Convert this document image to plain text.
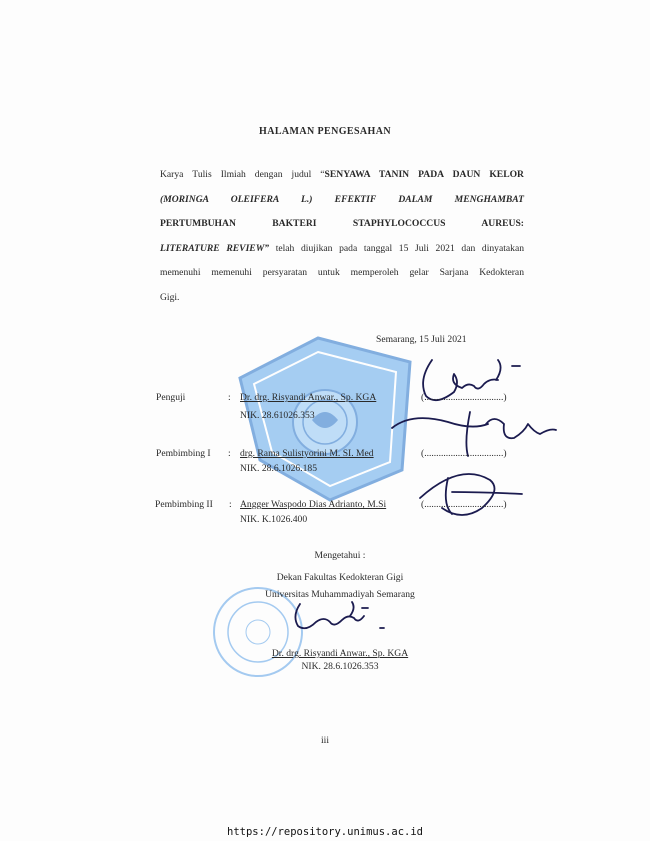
HALAMAN PENGESAHAN
Karya Tulis Ilmiah dengan judul “SENYAWA TANIN PADA DAUN KELOR
(MORINGA OLEIFERA L.) EFEKTIF DALAM MENGHAMBAT
PERTUMBUHAN BAKTERI STAPHYLOCOCCUS AUREUS:
LITERATURE REVIEW” telah diujikan pada tanggal 15 Juli 2021 dan dinyatakan
memenuhi memenuhi persyaratan untuk memperoleh gelar Sarjana Kedokteran
Gigi.
Semarang, 15 Juli 2021
Penguji	: Dr. drg. Risyandi Anwar., Sp. KGA	(.................................)
NIK. 28.61026.353
Pembimbing I : drg. Rama Sulistyorini M. SI. Med	(.................................)
NIK. 28.6.1026.185
Pembimbing II : Angger Waspodo Dias Adrianto, M.Si	(.................................)
NIK. K.1026.400
Mengetahui :
Dekan Fakultas Kedokteran Gigi
Universitas Muhammadiyah Semarang
Dr. drg. Risyandi Anwar., Sp. KGA
NIK. 28.6.1026.353
iii
https://repository.unimus.ac.id
